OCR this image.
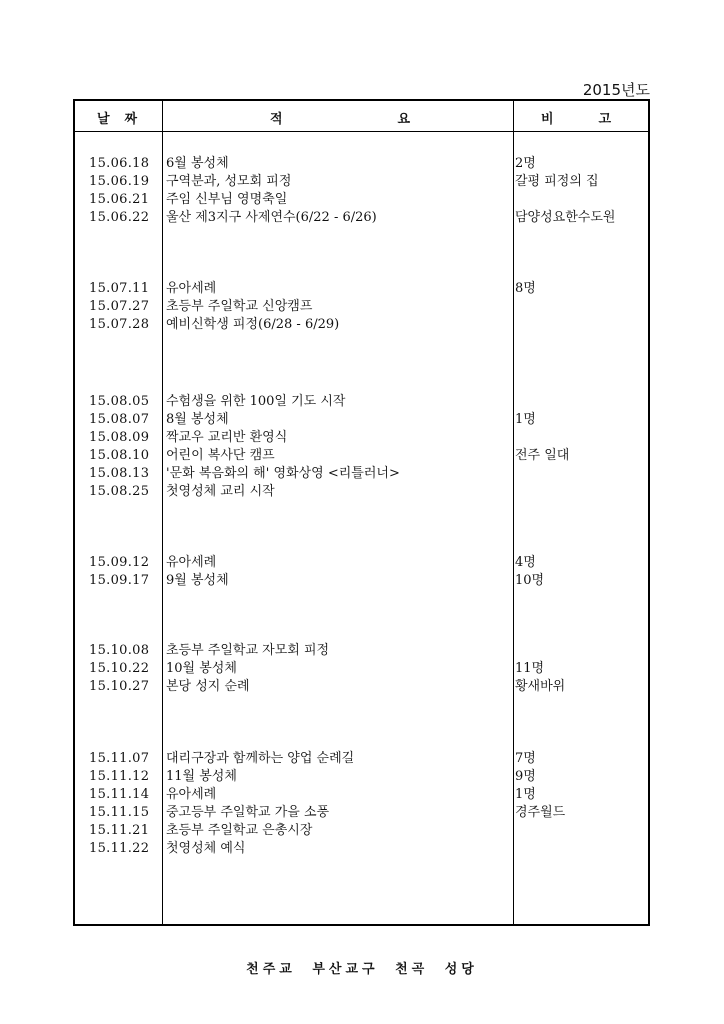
2015년도
날 짜	적	요	비	고
15.06.18 6월 봉성체	2명
15.06.19 구역분과, 성모회 피정	갈평 피정의 집
15.06.21 주임 신부님 영명축일
15.06.22 울산 제3지구 사제연수(6/22 - 6/26)	담양성요한수도원
15.07.11 유아세례	8명
15.07.27 초등부 주일학교 신앙캠프
15.07.28 예비신학생 피정(6/28 - 6/29)
15.08.05 수험생을 위한 100일 기도 시작
15.08.07 8월 봉성체	1명
15.08.09 짝교우 교리반 환영식
15.08.10 어린이 복사단 캠프	전주 일대
15.08.13 '문화 복음화의 해' 영화상영 <리틀러너>
15.08.25 첫영성체 교리 시작
15.09.12 유아세례	4명
15.09.17 9월 봉성체	10명
15.10.08 초등부 주일학교 자모회 피정
15.10.22 10월 봉성체	11명
15.10.27 본당 성지 순례	황새바위
15.11.07 대리구장과 함께하는 양업 순례길	7명
15.11.12 11월 봉성체	9명
15.11.14 유아세례	1명
15.11.15 중고등부 주일학교 가을 소풍	경주월드
15.11.21 초등부 주일학교 은총시장
15.11.22 첫영성체 예식
천주교 부산교구 천곡 성당
